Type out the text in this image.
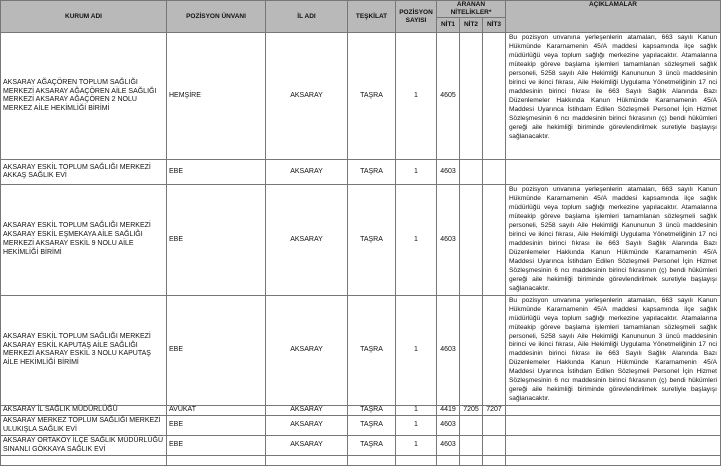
KURUM ADI	POZİSYON ÜNVANI	İL ADI	TEŞKİLAT	POZİSYON SAYISI	ARANAN NİTELİKLER*			AÇIKLAMALAR
					NİT1	NİT2	NİT3	
AKSARAY AĞAÇÖREN TOPLUM SAĞLIĞI MERKEZİ AKSARAY AĞAÇÖREN AİLE SAĞLIĞI MERKEZİ AKSARAY AĞAÇÖREN 2 NOLU MERKEZ AİLE HEKİMLİĞİ BİRİMİ	HEMŞİRE	AKSARAY	TAŞRA	1	4605			Bu pozisyon unvanına yerleşenlerin atamaları, 663 sayılı Kanun Hükmünde Kararnamenin 45/A maddesi kapsamında ilçe sağlık müdürlüğü veya toplum sağlığı merkezine yapılacaktır. Atamalarına müteakip göreve başlama işlemleri tamamlanan sözleşmeli sağlık personeli, 5258 sayılı Aile Hekimliği Kanununun 3 üncü maddesinin birinci ve ikinci fıkrası, Aile Hekimliği Uygulama Yönetmeliğinin 17 nci maddesinin birinci fıkrası ile 663 Sayılı Sağlık Alanında Bazı Düzenlemeler Hakkında Kanun Hükmünde Kararnamenin 45/A Maddesi Uyarınca İstihdam Edilen Sözleşmeli Personel İçin Hizmet Sözleşmesinin 6 ncı maddesinin birinci fıkrasının (ç) bendi hükümleri gereği aile hekimliği biriminde görevlendirilmek suretiyle başlayışı sağlanacaktır.

AKSARAY ESKİL TOPLUM SAĞLIĞI MERKEZİ AKKAŞ SAĞLIK EVİ	EBE	AKSARAY	TAŞRA	1	4603			

AKSARAY ESKİL TOPLUM SAĞLIĞI MERKEZİ AKSARAY ESKİL EŞMEKAYA AİLE SAĞLIĞI MERKEZİ AKSARAY ESKİL 9 NOLU AİLE HEKİMLİĞİ BİRİMİ	EBE	AKSARAY	TAŞRA	1	4603			Bu pozisyon unvanına yerleşenlerin atamaları, 663 sayılı Kanun Hükmünde Kararnamenin 45/A maddesi kapsamında ilçe sağlık müdürlüğü veya toplum sağlığı merkezine yapılacaktır. Atamalarına müteakip göreve başlama işlemleri tamamlanan sözleşmeli sağlık personeli, 5258 sayılı Aile Hekimliği Kanununun 3 üncü maddesinin birinci ve ikinci fıkrası, Aile Hekimliği Uygulama Yönetmeliğinin 17 nci maddesinin birinci fıkrası ile 663 Sayılı Sağlık Alanında Bazı Düzenlemeler Hakkında Kanun Hükmünde Kararnamenin 45/A Maddesi Uyarınca İstihdam Edilen Sözleşmeli Personel İçin Hizmet Sözleşmesinin 6 ncı maddesinin birinci fıkrasının (ç) bendi hükümleri gereği aile hekimliği biriminde görevlendirilmek suretiyle başlayışı sağlanacaktır.

AKSARAY ESKİL TOPLUM SAĞLIĞI MERKEZİ AKSARAY ESKİL KAPUTAŞ AİLE SAĞLIĞI MERKEZİ AKSARAY ESKİL 3 NOLU KAPUTAŞ AİLE HEKİMLİĞİ BİRİMİ	EBE	AKSARAY	TAŞRA	1	4603			Bu pozisyon unvanına yerleşenlerin atamaları, 663 sayılı Kanun Hükmünde Kararnamenin 45/A maddesi kapsamında ilçe sağlık müdürlüğü veya toplum sağlığı merkezine yapılacaktır. Atamalarına müteakip göreve başlama işlemleri tamamlanan sözleşmeli sağlık personeli, 5258 sayılı Aile Hekimliği Kanununun 3 üncü maddesinin birinci ve ikinci fıkrası, Aile Hekimliği Uygulama Yönetmeliğinin 17 nci maddesinin birinci fıkrası ile 663 Sayılı Sağlık Alanında Bazı Düzenlemeler Hakkında Kanun Hükmünde Kararnamenin 45/A Maddesi Uyarınca İstihdam Edilen Sözleşmeli Personel İçin Hizmet Sözleşmesinin 6 ncı maddesinin birinci fıkrasının (ç) bendi hükümleri gereği aile hekimliği biriminde görevlendirilmek suretiyle başlayışı sağlanacaktır.

AKSARAY İL SAĞLIK MÜDÜRLÜĞÜ	AVUKAT	AKSARAY	TAŞRA	1	4419	7205	7207	

AKSARAY MERKEZ TOPLUM SAĞLIĞI MERKEZİ ULUKIŞLA SAĞLIK EVİ	EBE	AKSARAY	TAŞRA	1	4603			

AKSARAY ORTAKÖY İLÇE SAĞLIK MÜDÜRLÜĞÜ SINANLI GÖKKAYA SAĞLIK EVİ	EBE	AKSARAY	TAŞRA	1	4603			
